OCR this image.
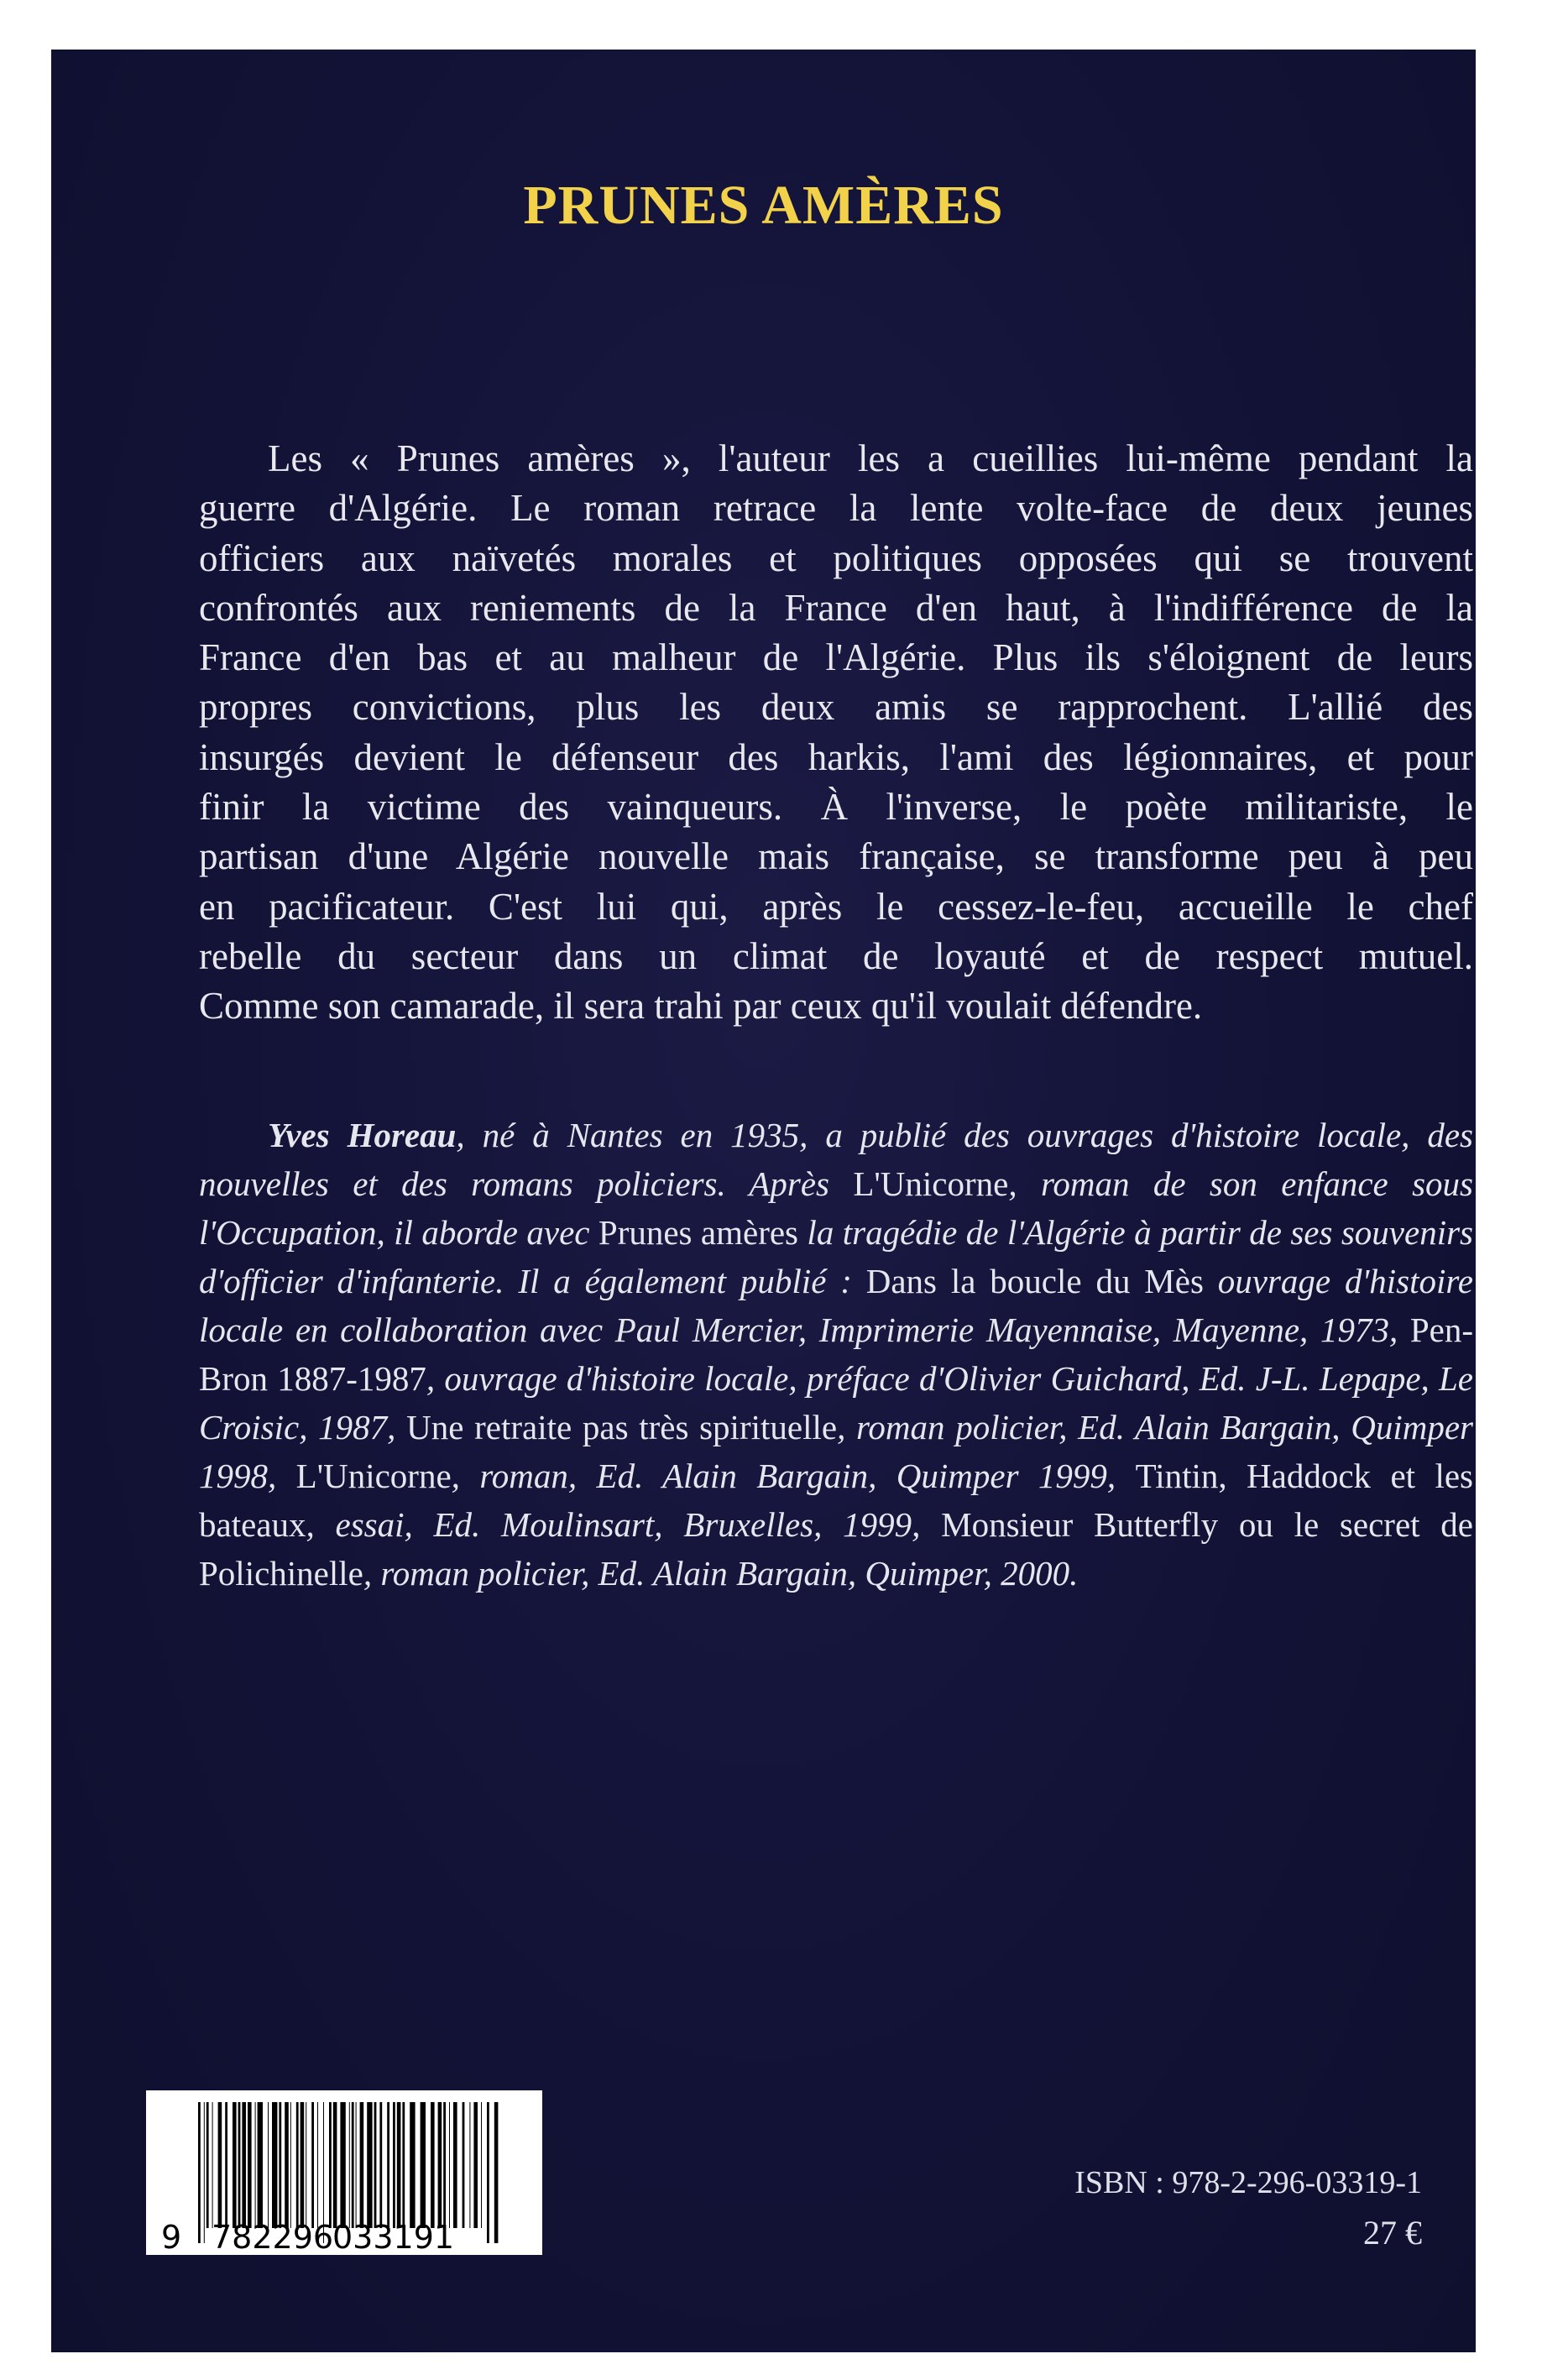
PRUNES AMÈRES
Les « Prunes amères », l'auteur les a cueillies lui-même pendant la
guerre d'Algérie. Le roman retrace la lente volte-face de deux jeunes
officiers aux naïvetés morales et politiques opposées qui se trouvent
confrontés aux reniements de la France d'en haut, à l'indifférence de la
France d'en bas et au malheur de l'Algérie. Plus ils s'éloignent de leurs
propres convictions, plus les deux amis se rapprochent. L'allié des
insurgés devient le défenseur des harkis, l'ami des légionnaires, et pour
finir la victime des vainqueurs. À l'inverse, le poète militariste, le
partisan d'une Algérie nouvelle mais française, se transforme peu à peu
en pacificateur. C'est lui qui, après le cessez-le-feu, accueille le chef
rebelle du secteur dans un climat de loyauté et de respect mutuel.
Comme son camarade, il sera trahi par ceux qu'il voulait défendre.
Yves Horeau, né à Nantes en 1935, a publié des ouvrages d'histoire locale, des nouvelles et des romans policiers. Après L'Unicorne, roman de son enfance sous l'Occupation, il aborde avec Prunes amères la tragédie de l'Algérie à partir de ses souvenirs d'officier d'infanterie. Il a également publié : Dans la boucle du Mès ouvrage d'histoire locale en collaboration avec Paul Mercier, Imprimerie Mayennaise, Mayenne, 1973, Pen-Bron 1887-1987, ouvrage d'histoire locale, préface d'Olivier Guichard, Ed. J-L. Lepape, Le Croisic, 1987, Une retraite pas très spirituelle, roman policier, Ed. Alain Bargain, Quimper 1998, L'Unicorne, roman, Ed. Alain Bargain, Quimper 1999, Tintin, Haddock et les bateaux, essai, Ed. Moulinsart, Bruxelles, 1999, Monsieur Butterfly ou le secret de Polichinelle, roman policier, Ed. Alain Bargain, Quimper, 2000.
9 782296
033191
ISBN : 978-2-296-03319-1
27 €
